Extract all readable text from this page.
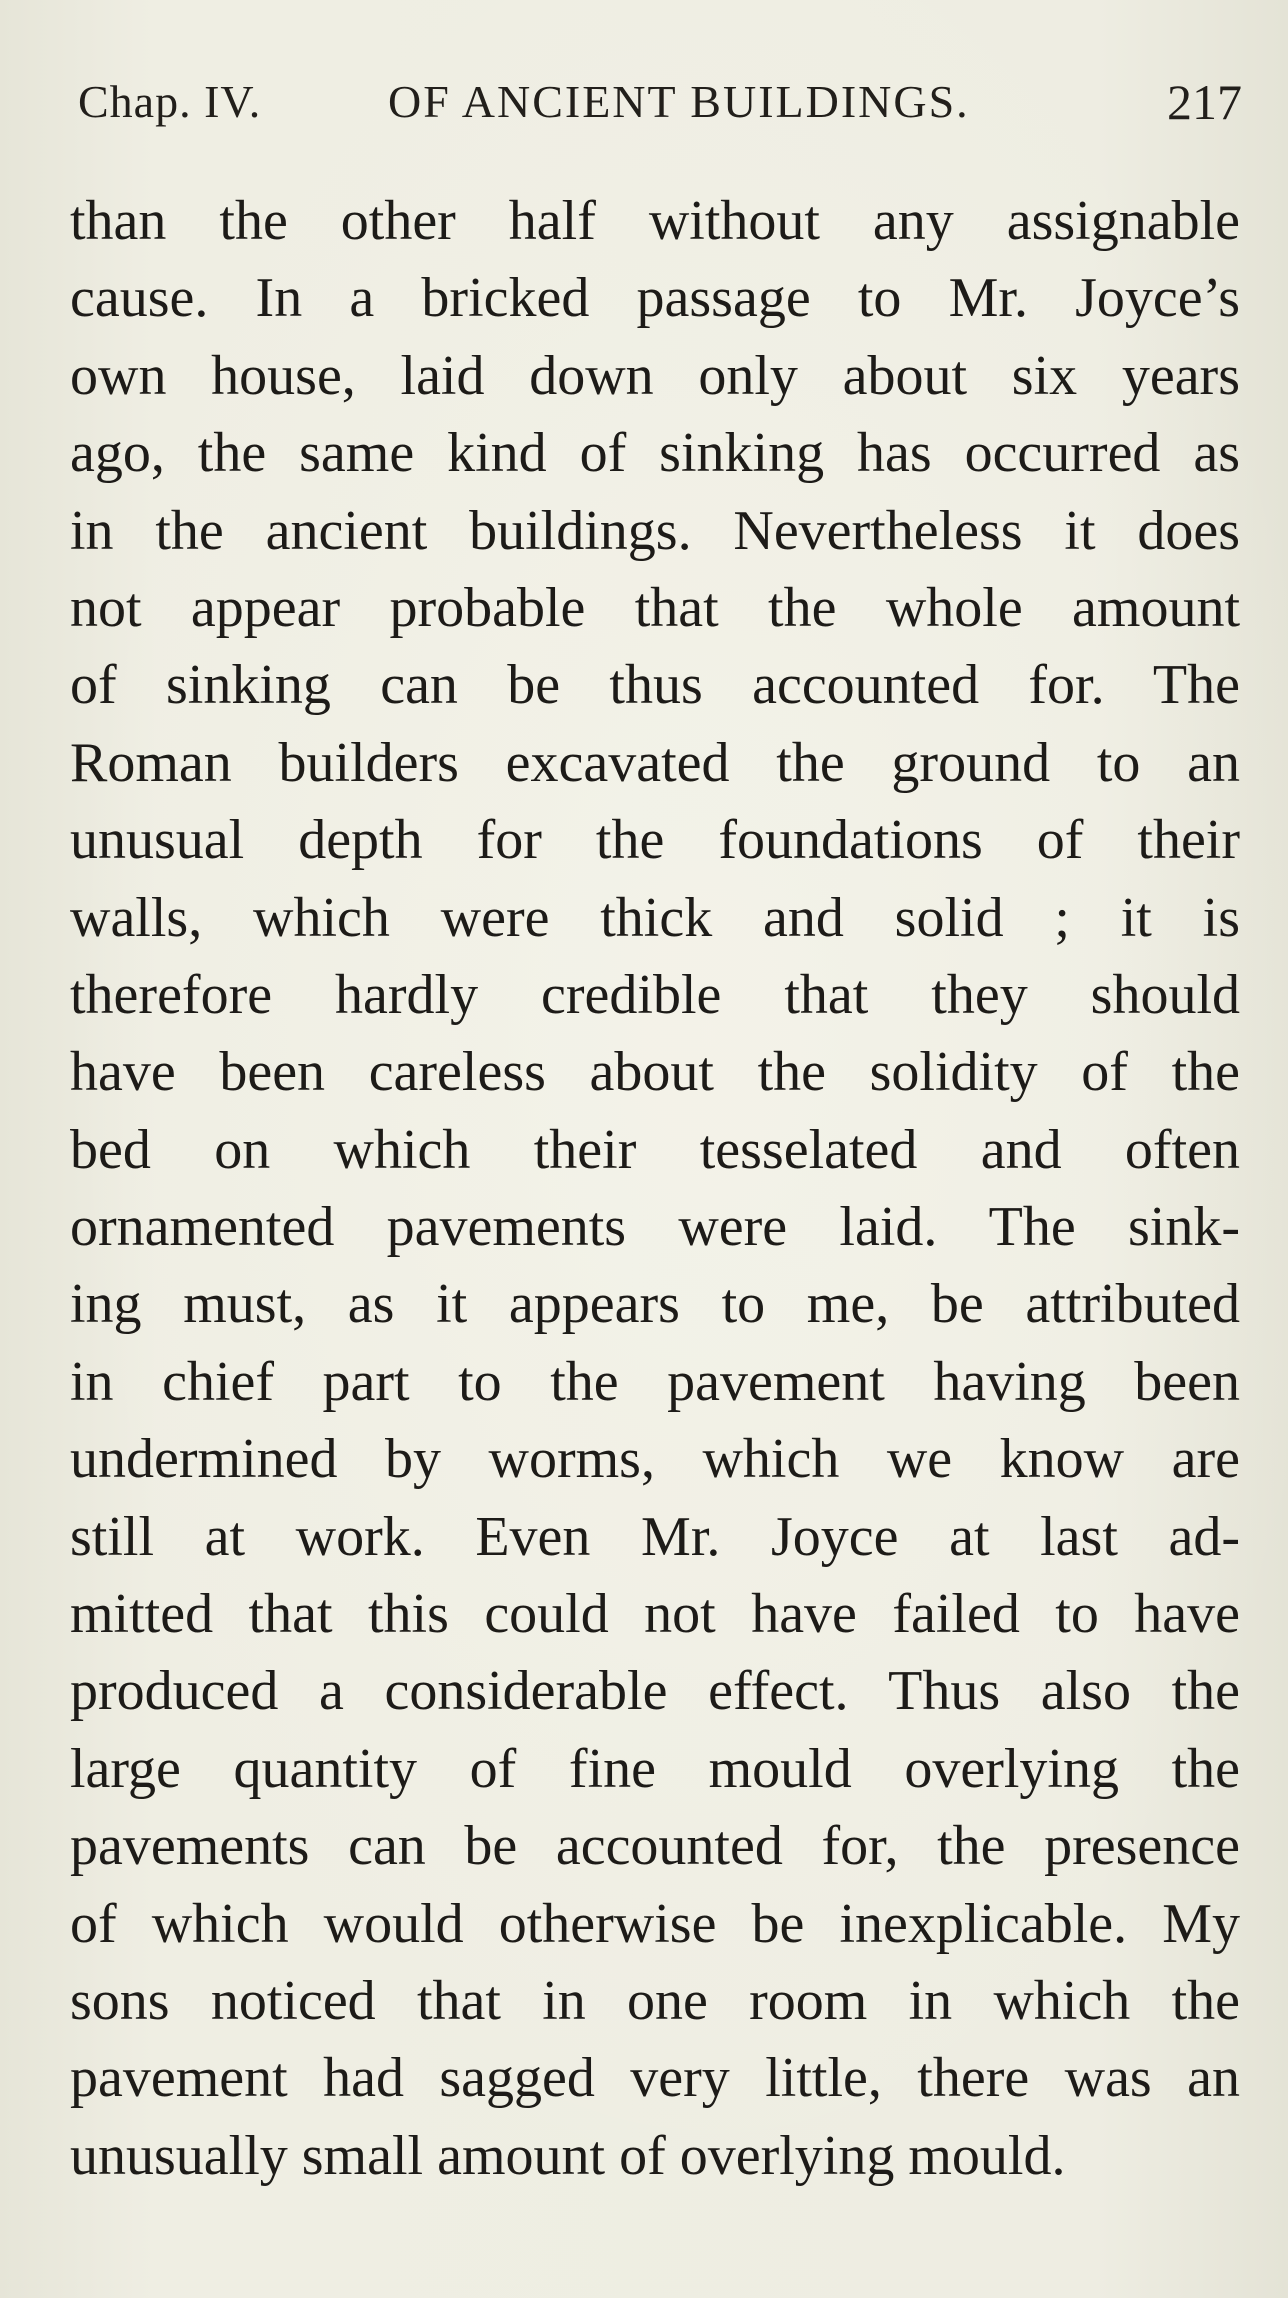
Chap. IV.	OF ANCIENT BUILDINGS.	217
than the other half without any assignable
cause. In a bricked passage to Mr. Joyce’s
own house, laid down only about six years
ago, the same kind of sinking has occurred as
in the ancient buildings. Nevertheless it does
not appear probable that the whole amount
of sinking can be thus accounted for. The
Roman builders excavated the ground to an
unusual depth for the foundations of their
walls, which were thick and solid ; it is
therefore hardly credible that they should
have been careless about the solidity of the
bed on which their tesselated and often
ornamented pavements were laid. The sink-
ing must, as it appears to me, be attributed
in chief part to the pavement having been
undermined by worms, which we know are
still at work. Even Mr. Joyce at last ad-
mitted that this could not have failed to have
produced a considerable effect. Thus also the
large quantity of fine mould overlying the
pavements can be accounted for, the presence
of which would otherwise be inexplicable. My
sons noticed that in one room in which the
pavement had sagged very little, there was an
unusually small amount of overlying mould.
